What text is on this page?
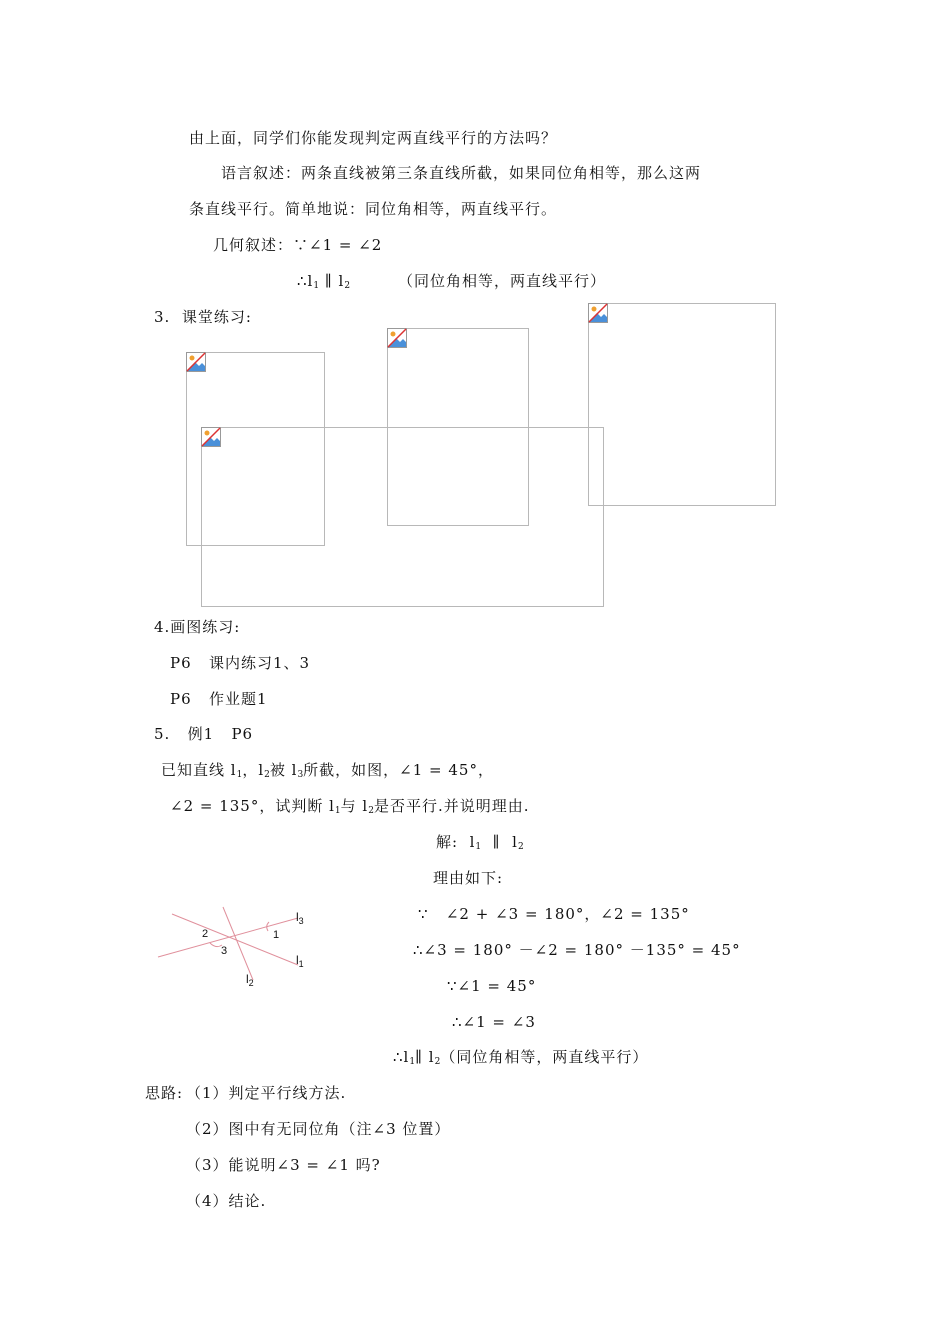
由上面，同学们你能发现判定两直线平行的方法吗？
语言叙述：两条直线被第三条直线所截，如果同位角相等，那么这两
条直线平行。简单地说：同位角相等，两直线平行。
几何叙述：∵∠1 = ∠2
$\therefore l_1$ ∥ $l_2$	（同位角相等，两直线平行）
3.  课堂练习:
4.画图练习:
P6   课内练习1、3
P6   作业题1
5.   例1   P6
已知直线 $l_1$，$l_2$被 $l_3$所截，如图，∠1 = 45°，
∠2 = 135°，试判断 $l_1$与 $l_2$是否平行.并说明理由.
解:  $l_1$  ∥  $l_2$
理由如下:
∵   ∠2 + ∠3 = 180°，∠2 = 135°
∴∠3 = 180° －∠2 = 180° －135° = 45°
∵∠1 = 45°
∴∠1 = ∠3
$\therefore l_1\parallel$ $l_2$（同位角相等，两直线平行）
$l_3$
$l_1$
$l_2$
1
2
3
思路: （1）判定平行线方法.
（2）图中有无同位角（注∠3 位置）
（3）能说明∠3 = ∠1 吗?
（4）结论.
